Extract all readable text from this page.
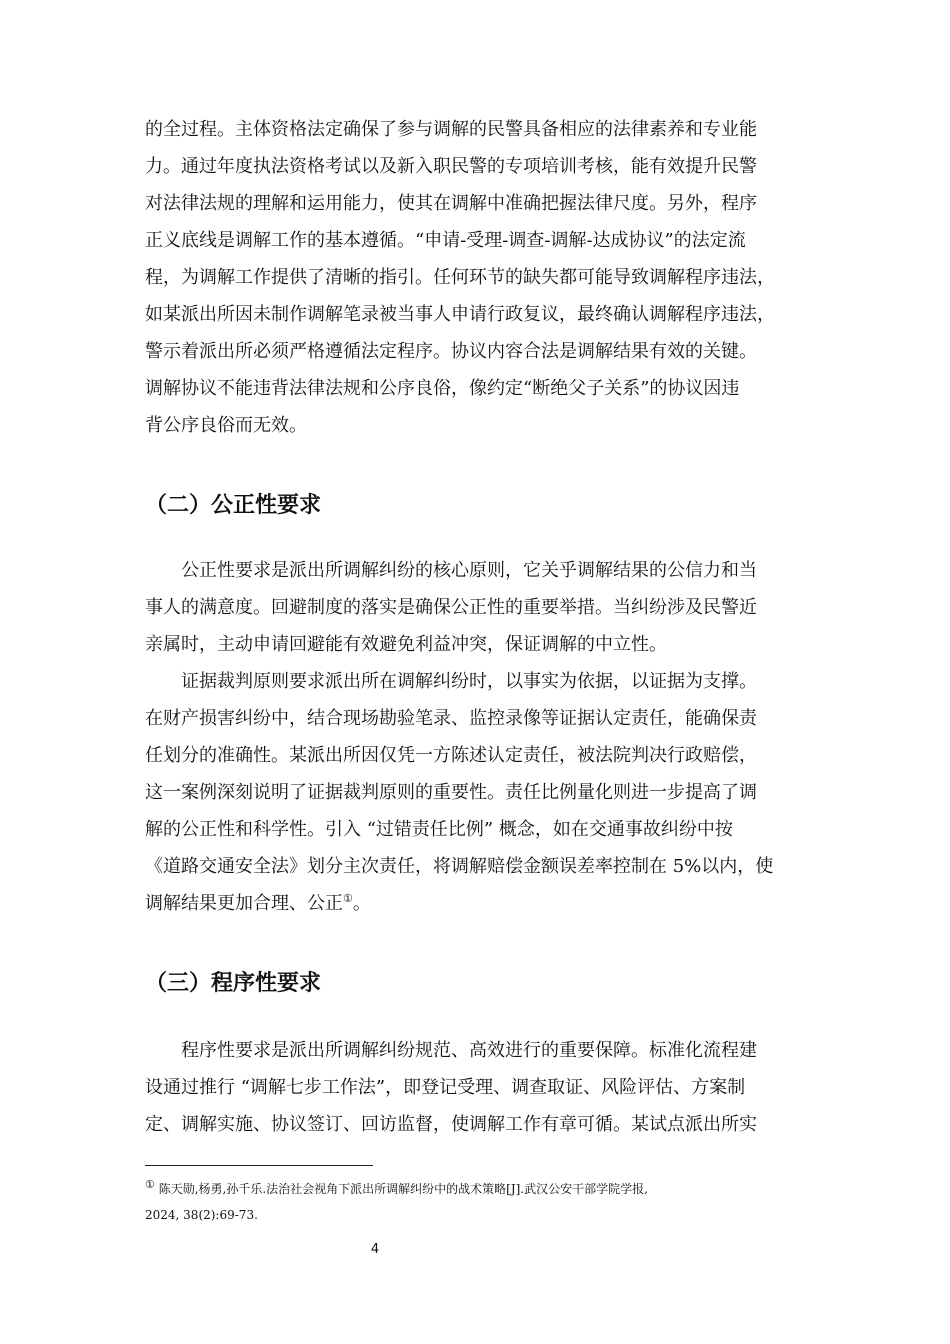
的全过程。主体资格法定确保了参与调解的民警具备相应的法律素养和专业能
力。通过年度执法资格考试以及新入职民警的专项培训考核，能有效提升民警
对法律法规的理解和运用能力，使其在调解中准确把握法律尺度。另外，程序
正义底线是调解工作的基本遵循。“申请-受理-调查-调解-达成协议”的法定流
程，为调解工作提供了清晰的指引。任何环节的缺失都可能导致调解程序违法，
如某派出所因未制作调解笔录被当事人申请行政复议，最终确认调解程序违法，
警示着派出所必须严格遵循法定程序。协议内容合法是调解结果有效的关键。
调解协议不能违背法律法规和公序良俗，像约定“断绝父子关系”的协议因违
背公序良俗而无效。
（二）公正性要求
　　公正性要求是派出所调解纠纷的核心原则，它关乎调解结果的公信力和当
事人的满意度。回避制度的落实是确保公正性的重要举措。当纠纷涉及民警近
亲属时，主动申请回避能有效避免利益冲突，保证调解的中立性。
　　证据裁判原则要求派出所在调解纠纷时，以事实为依据，以证据为支撑。
在财产损害纠纷中，结合现场勘验笔录、监控录像等证据认定责任，能确保责
任划分的准确性。某派出所因仅凭一方陈述认定责任，被法院判决行政赔偿，
这一案例深刻说明了证据裁判原则的重要性。责任比例量化则进一步提高了调
解的公正性和科学性。引入 “过错责任比例” 概念，如在交通事故纠纷中按
《道路交通安全法》划分主次责任，将调解赔偿金额误差率控制在 5%以内，使
调解结果更加合理、公正①。
（三）程序性要求
　　程序性要求是派出所调解纠纷规范、高效进行的重要保障。标准化流程建
设通过推行 “调解七步工作法”，即登记受理、调查取证、风险评估、方案制
定、调解实施、协议签订、回访监督，使调解工作有章可循。某试点派出所实
① 陈天勋,杨勇,孙千乐.法治社会视角下派出所调解纠纷中的战术策略[J].武汉公安干部学院学报,
2024, 38(2):69-73.
4
